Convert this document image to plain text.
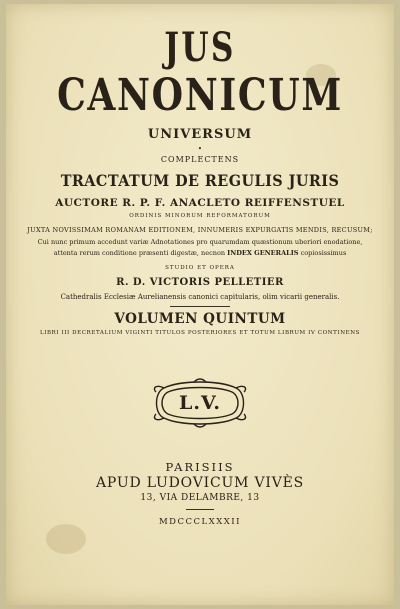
JUS
CANONICUM
UNIVERSUM
•
COMPLECTENS
TRACTATUM DE REGULIS JURIS
AUCTORE R. P. F. ANACLETO REIFFENSTUEL
ORDINIS MINORUM REFORMATORUM
JUXTA NOVISSIMAM ROMANAM EDITIONEM, INNUMERIS EXPURGATIS MENDIS, RECUSUM;
Cui nunc primum accedunt variæ Adnotationes pro quarumdam quæstionum uberiori enodatione,
attenta rerum conditione præsenti digestæ, necnon INDEX GENERALIS copiosissimus
STUDIO ET OPERA
R. D. VICTORIS PELLETIER
Cathedralis Ecclesiæ Aurelianensis canonici capitularis, olim vicarii generalis.
VOLUMEN QUINTUM
LIBRI III DECRETALIUM VIGINTI TITULOS POSTERIORES ET TOTUM LIBRUM IV CONTINENS
L.V.
PARISIIS
APUD LUDOVICUM VIVÈS
13, VIA DELAMBRE, 13
MDCCCLXXXII
